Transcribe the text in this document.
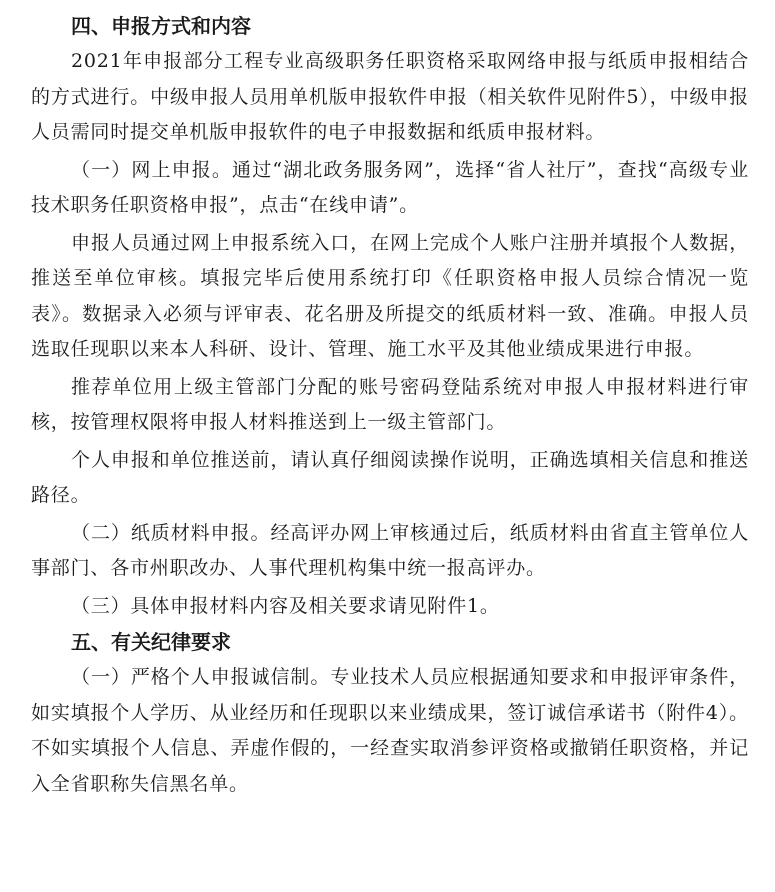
四、申报方式和内容

2021年申报部分工程专业高级职务任职资格采取网络申报与纸质申报相结合的方式进行。中级申报人员用单机版申报软件申报（相关软件见附件5），中级申报人员需同时提交单机版申报软件的电子申报数据和纸质申报材料。

（一）网上申报。通过“湖北政务服务网”，选择“省人社厅”，查找“高级专业技术职务任职资格申报”，点击“在线申请”。

申报人员通过网上申报系统入口，在网上完成个人账户注册并填报个人数据，推送至单位审核。填报完毕后使用系统打印《任职资格申报人员综合情况一览表》。数据录入必须与评审表、花名册及所提交的纸质材料一致、准确。申报人员选取任现职以来本人科研、设计、管理、施工水平及其他业绩成果进行申报。

推荐单位用上级主管部门分配的账号密码登陆系统对申报人申报材料进行审核，按管理权限将申报人材料推送到上一级主管部门。

个人申报和单位推送前，请认真仔细阅读操作说明，正确选填相关信息和推送路径。

（二）纸质材料申报。经高评办网上审核通过后，纸质材料由省直主管单位人事部门、各市州职改办、人事代理机构集中统一报高评办。

（三）具体申报材料内容及相关要求请见附件1。

五、有关纪律要求

（一）严格个人申报诚信制。专业技术人员应根据通知要求和申报评审条件，如实填报个人学历、从业经历和任现职以来业绩成果，签订诚信承诺书（附件4）。不如实填报个人信息、弄虚作假的，一经查实取消参评资格或撤销任职资格，并记入全省职称失信黑名单。
